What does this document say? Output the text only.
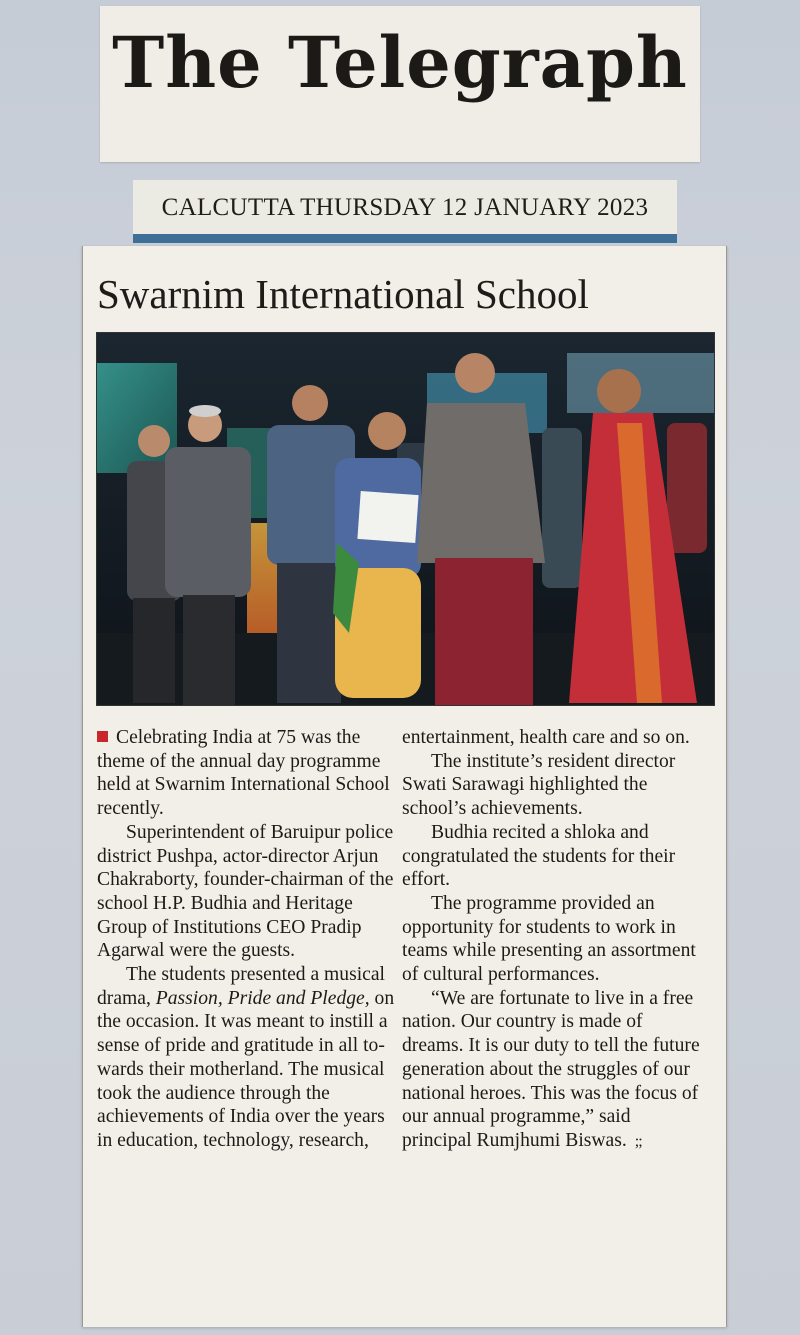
The Telegraph
CALCUTTA THURSDAY 12 JANUARY 2023
Swarnim International School

Celebrating India at 75 was the theme of the annual day programme held at Swarnim International School recently.

Superintendent of Baruipur police district Pushpa, actor-director Arjun Chakraborty, founder-chairman of the school H.P. Budhia and Heritage Group of Institutions CEO Pradip Agarwal were the guests.

The students presented a musical drama, Passion, Pride and Pledge, on the occasion. It was meant to instill a sense of pride and gratitude in all towards their motherland. The musical took the audience through the achievements of India over the years in education, technology, research,

entertainment, health care and so on.

The institute’s resident director Swati Sarawagi highlighted the school’s achievements.

Budhia recited a shloka and congratulated the students for their effort.

The programme provided an opportunity for students to work in teams while presenting an assortment of cultural performances.

“We are fortunate to live in a free nation. Our country is made of dreams. It is our duty to tell the future generation about the struggles of our national heroes. This was the focus of our annual programme,” said principal Rumjhumi Biswas. ;;
